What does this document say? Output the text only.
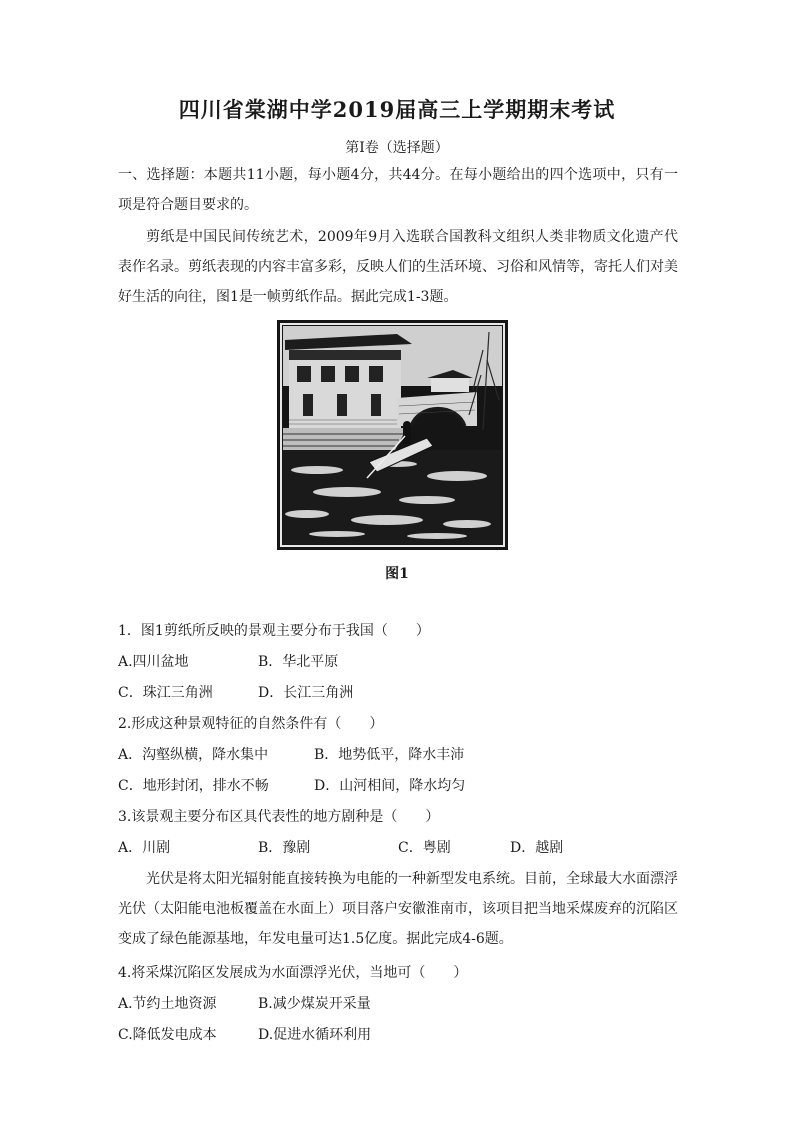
四川省棠湖中学2019届高三上学期期末考试
第Ⅰ卷（选择题）
一、选择题：本题共11小题，每小题4分，共44分。在每小题给出的四个选项中，只有一项是符合题目要求的。
剪纸是中国民间传统艺术，2009年9月入选联合国教科文组织人类非物质文化遗产代表作名录。剪纸表现的内容丰富多彩，反映人们的生活环境、习俗和风情等，寄托人们对美好生活的向往，图1是一帧剪纸作品。据此完成1-3题。
图1
1．图1剪纸所反映的景观主要分布于我国（　　）
A.四川盆地	B．华北平原
C．珠江三角洲	D．长江三角洲
2.形成这种景观特征的自然条件有（　　）
A．沟壑纵横，降水集中	B．地势低平，降水丰沛
C．地形封闭，排水不畅	D．山河相间，降水均匀
3.该景观主要分布区具代表性的地方剧种是（　　）
A．川剧	B．豫剧	C．粤剧	D．越剧
光伏是将太阳光辐射能直接转换为电能的一种新型发电系统。目前，全球最大水面漂浮光伏（太阳能电池板覆盖在水面上）项目落户安徽淮南市，该项目把当地采煤废弃的沉陷区变成了绿色能源基地，年发电量可达1.5亿度。据此完成4-6题。
4.将采煤沉陷区发展成为水面漂浮光伏，当地可（　　）
A.节约土地资源	B.减少煤炭开采量
C.降低发电成本	D.促进水循环利用
